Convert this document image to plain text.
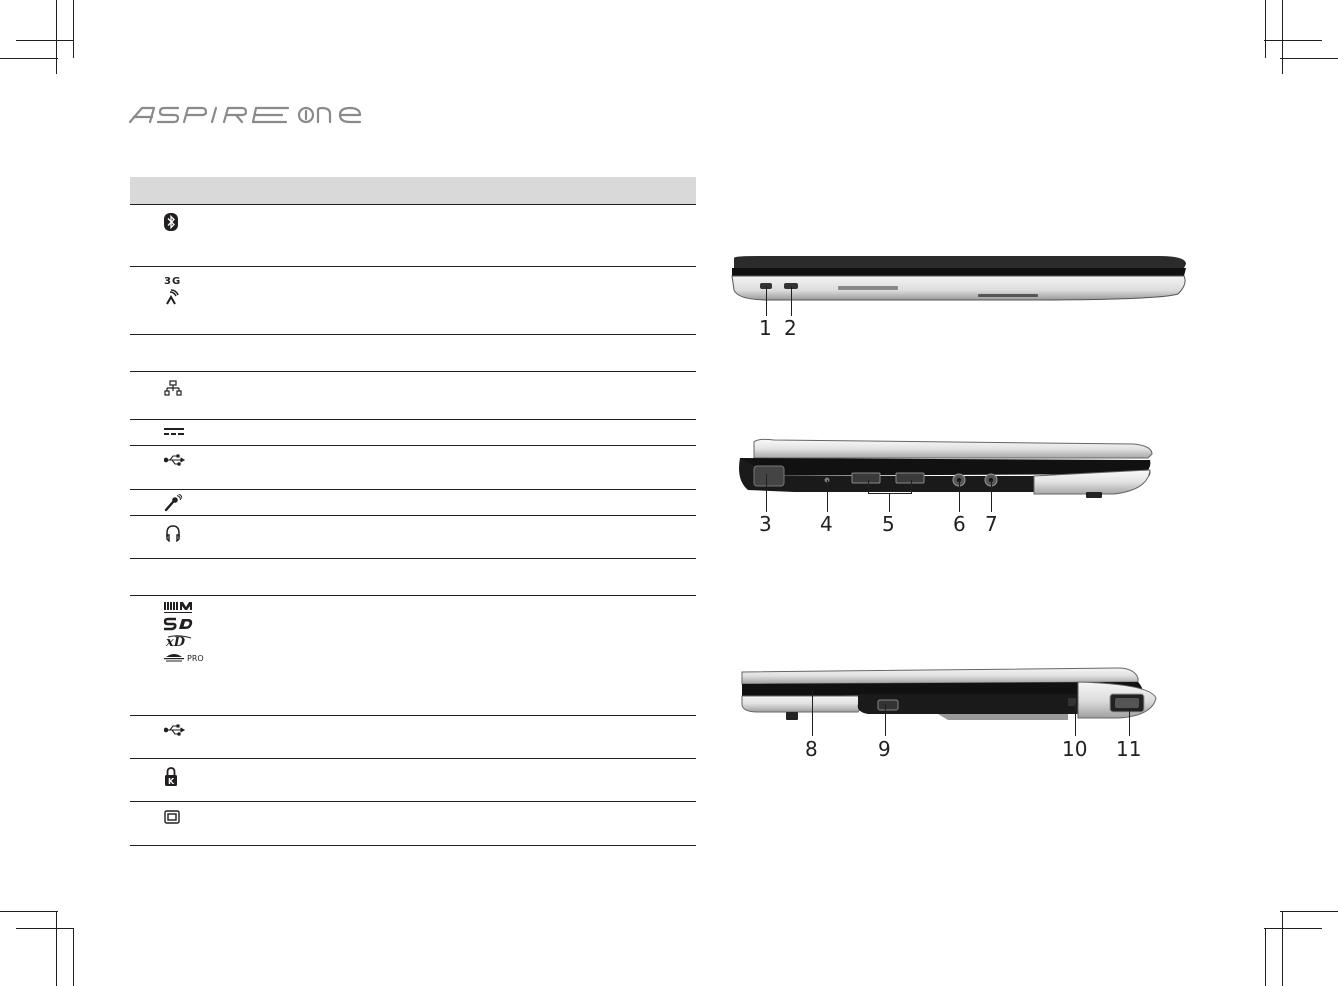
3G
xD
PRO
K
1 2
3 4 5	6 7
8	9	10 11
